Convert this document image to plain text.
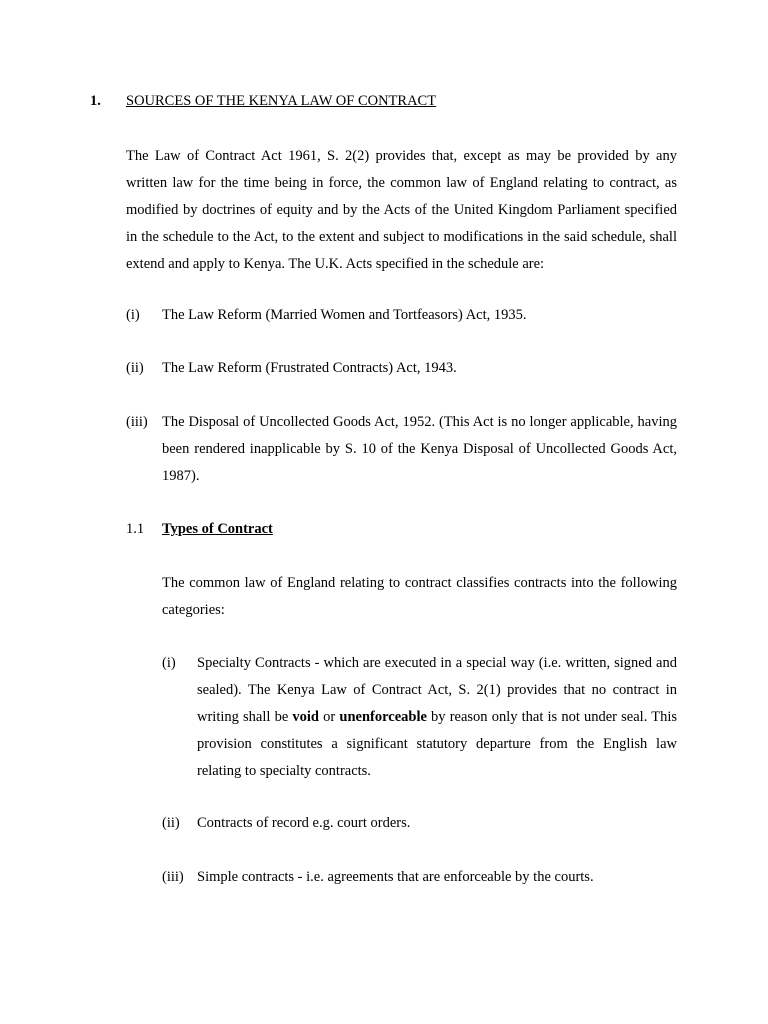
1. SOURCES OF THE KENYA LAW OF CONTRACT
The Law of Contract Act 1961, S. 2(2) provides that, except as may be provided by any written law for the time being in force, the common law of England relating to contract, as modified by doctrines of equity and by the Acts of the United Kingdom Parliament specified in the schedule to the Act, to the extent and subject to modifications in the said schedule, shall extend and apply to Kenya. The U.K. Acts specified in the schedule are:
(i) The Law Reform (Married Women and Tortfeasors) Act, 1935.
(ii) The Law Reform (Frustrated Contracts) Act, 1943.
(iii) The Disposal of Uncollected Goods Act, 1952. (This Act is no longer applicable, having been rendered inapplicable by S. 10 of the Kenya Disposal of Uncollected Goods Act, 1987).
1.1 Types of Contract
The common law of England relating to contract classifies contracts into the following categories:
(i) Specialty Contracts - which are executed in a special way (i.e. written, signed and sealed). The Kenya Law of Contract Act, S. 2(1) provides that no contract in writing shall be void or unenforceable by reason only that is not under seal. This provision constitutes a significant statutory departure from the English law relating to specialty contracts.
(ii) Contracts of record e.g. court orders.
(iii) Simple contracts - i.e. agreements that are enforceable by the courts.
